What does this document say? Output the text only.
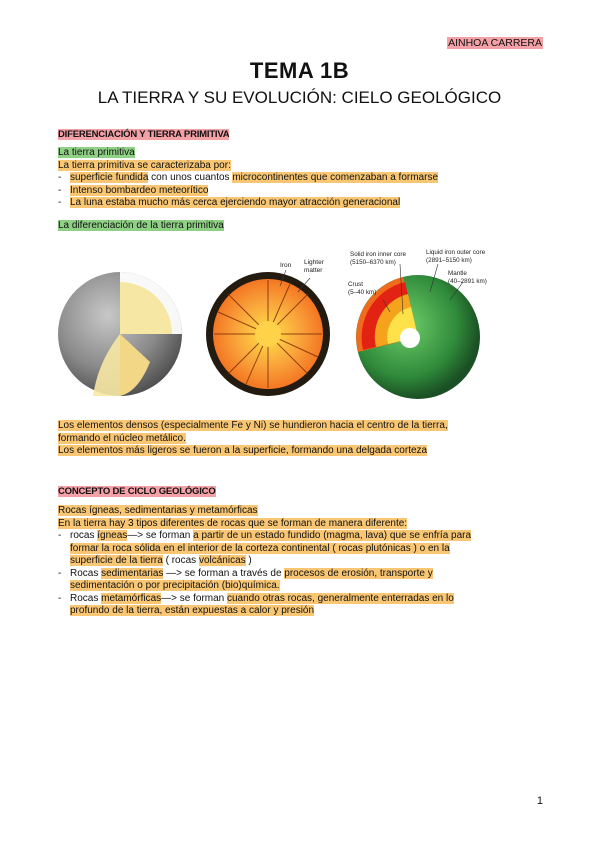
AINHOA CARRERA
TEMA 1B
LA TIERRA Y SU EVOLUCIÓN: CIELO GEOLÓGICO
DIFERENCIACIÓN Y TIERRA PRIMITIVA
La tierra primitiva
La tierra primitiva se caracterizaba por:
- superficie fundida con unos cuantos microcontinentes que comenzaban a formarse
- Intenso bombardeo meteorítico
- La luna estaba mucho más cerca ejerciendo mayor atracción generacional
La diferenciación de la tierra primitiva
Iron Lighter
matter
Solid iron inner core
(5150–6370 km)
Liquid iron outer core
(2891–5150 km)
Mantle
(40–2891 km)
Crust
(5–40 km)
Los elementos densos (especialmente Fe y Ni) se hundieron hacia el centro de la tierra,
formando el núcleo metálico.
Los elementos más ligeros se fueron a la superficie, formando una delgada corteza
CONCEPTO DE CICLO GEOLÓGICO
Rocas ígneas, sedimentarias y metamórficas
En la tierra hay 3 tipos diferentes de rocas que se forman de manera diferente:
- rocas ígneas—> se forman a partir de un estado fundido (magma, lava) que se enfría para
formar la roca sólida en el interior de la corteza continental ( rocas plutónicas ) o en la
superficie de la tierra ( rocas volcánicas )
- Rocas sedimentarias —> se forman a través de procesos de erosión, transporte y
sedimentación o por precipitación (bio)química.
- Rocas metamórficas—> se forman cuando otras rocas, generalmente enterradas en lo
profundo de la tierra, están expuestas a calor y presión
1
